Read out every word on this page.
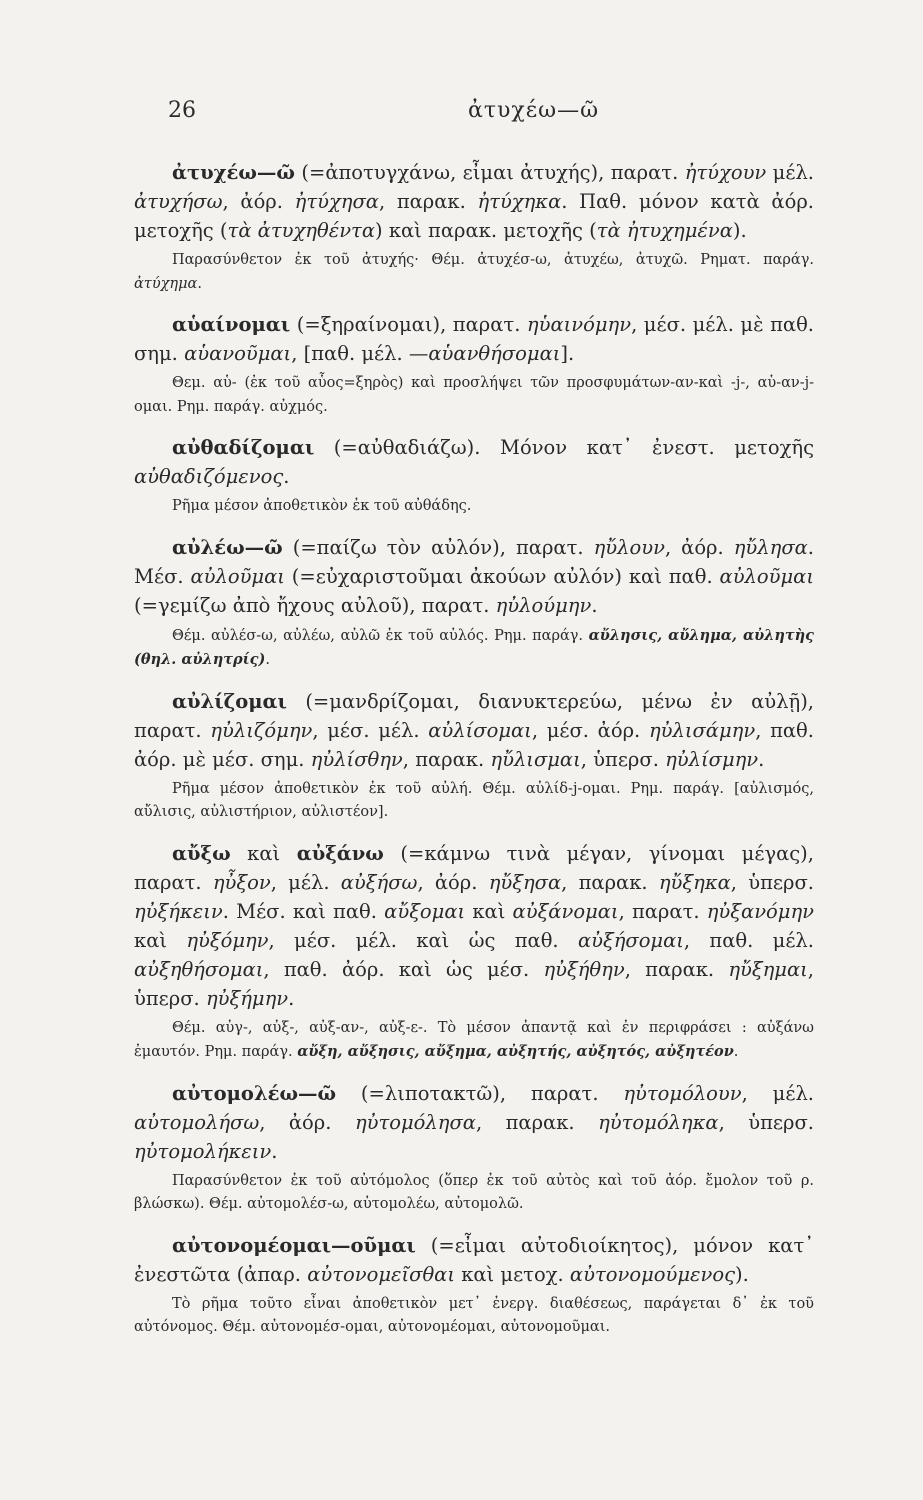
26	ἀτυχέω—ῶ

ἀτυχέω—ῶ (=ἀποτυγχάνω, εἶμαι ἀτυχής), παρατ. ἠτύχουν μέλ. ἀτυχήσω, ἀόρ. ἠτύχησα, παρακ. ἠτύχηκα. Παθ. μόνον κατὰ ἀόρ. μετοχῆς (τὰ ἀτυχηθέντα) καὶ παρακ. μετοχῆς (τὰ ἠτυχημένα).

Παρασύνθετον ἐκ τοῦ ἀτυχής· Θέμ. ἀτυχέσ-ω, ἀτυχέω, ἀτυχῶ. Ρηματ. παράγ. ἀτύχημα.

αὑαίνομαι (=ξηραίνομαι), παρατ. ηὑαινόμην, μέσ. μέλ. μὲ παθ. σημ. αὑανοῦμαι, [παθ. μέλ. —αὑανθήσομαι].

Θεμ. αὑ- (ἐκ τοῦ αὗος=ξηρὸς) καὶ προσλήψει τῶν προσφυμάτων-αν-καὶ -j-, αὑ-αν-j-ομαι. Ρημ. παράγ. αὐχμός.

αὐθαδίζομαι (=αὐθαδιάζω). Μόνον κατ᾿ ἐνεστ. μετοχῆς αὐθαδιζόμενος.

Ρῆμα μέσον ἀποθετικὸν ἐκ τοῦ αὐθάδης.

αὐλέω—ῶ (=παίζω τὸν αὐλόν), παρατ. ηὔλουν, ἀόρ. ηὔλησα. Μέσ. αὐλοῦμαι (=εὐχαριστοῦμαι ἀκούων αὐλόν) καὶ παθ. αὐλοῦμαι (=γεμίζω ἀπὸ ἤχους αὐλοῦ), παρατ. ηὐλούμην.

Θέμ. αὐλέσ-ω, αὐλέω, αὐλῶ ἐκ τοῦ αὐλός. Ρημ. παράγ. αὔλησις, αὔλημα, αὐλητὴς (θηλ. αὐλητρίς).

αὐλίζομαι (=μανδρίζομαι, διανυκτερεύω, μένω ἐν αὐλῇ), παρατ. ηὐλιζόμην, μέσ. μέλ. αὐλίσομαι, μέσ. ἀόρ. ηὐλισάμην, παθ. ἀόρ. μὲ μέσ. σημ. ηὐλίσθην, παρακ. ηὔλισμαι, ὑπερσ. ηὐλίσμην.

Ρῆμα μέσον ἀποθετικὸν ἐκ τοῦ αὐλή. Θέμ. αὐλίδ-j-ομαι. Ρημ. παράγ. [αὐλισμός, αὔλισις, αὐλιστήριον, αὐλιστέον].

αὔξω καὶ αὐξάνω (=κάμνω τινὰ μέγαν, γίνομαι μέγας), παρατ. ηὖξον, μέλ. αὐξήσω, ἀόρ. ηὔξησα, παρακ. ηὔξηκα, ὑπερσ. ηὐξήκειν. Μέσ. καὶ παθ. αὔξομαι καὶ αὐξάνομαι, παρατ. ηὐξανόμην καὶ ηὐξόμην, μέσ. μέλ. καὶ ὡς παθ. αὐξήσομαι, παθ. μέλ. αὐξηθήσομαι, παθ. ἀόρ. καὶ ὡς μέσ. ηὐξήθην, παρακ. ηὔξημαι, ὑπερσ. ηὐξήμην.

Θέμ. αὐγ-, αὐξ-, αὐξ-αν-, αὐξ-ε-. Τὸ μέσον ἀπαντᾷ καὶ ἐν περιφράσει : αὐξάνω ἐμαυτόν. Ρημ. παράγ. αὔξη, αὔξησις, αὔξημα, αὐξητής, αὐξητός, αὐξητέον.

αὐτομολέω—ῶ (=λιποτακτῶ), παρατ. ηὐτομόλουν, μέλ. αὐτομολήσω, ἀόρ. ηὐτομόλησα, παρακ. ηὐτομόληκα, ὑπερσ. ηὐτομολήκειν.

Παρασύνθετον ἐκ τοῦ αὐτόμολος (ὅπερ ἐκ τοῦ αὐτὸς καὶ τοῦ ἀόρ. ἔμολον τοῦ ρ. βλώσκω). Θέμ. αὐτομολέσ-ω, αὐτομολέω, αὐτομολῶ.

αὐτονομέομαι—οῦμαι (=εἶμαι αὐτοδιοίκητος), μόνον κατ᾿ ἐνεστῶτα (ἀπαρ. αὐτονομεῖσθαι καὶ μετοχ. αὐτονομούμενος).

Τὸ ρῆμα τοῦτο εἶναι ἀποθετικὸν μετ᾿ ἐνεργ. διαθέσεως, παράγεται δ᾿ ἐκ τοῦ αὐτόνομος. Θέμ. αὐτονομέσ-ομαι, αὐτονομέομαι, αὐτονομοῦμαι.
